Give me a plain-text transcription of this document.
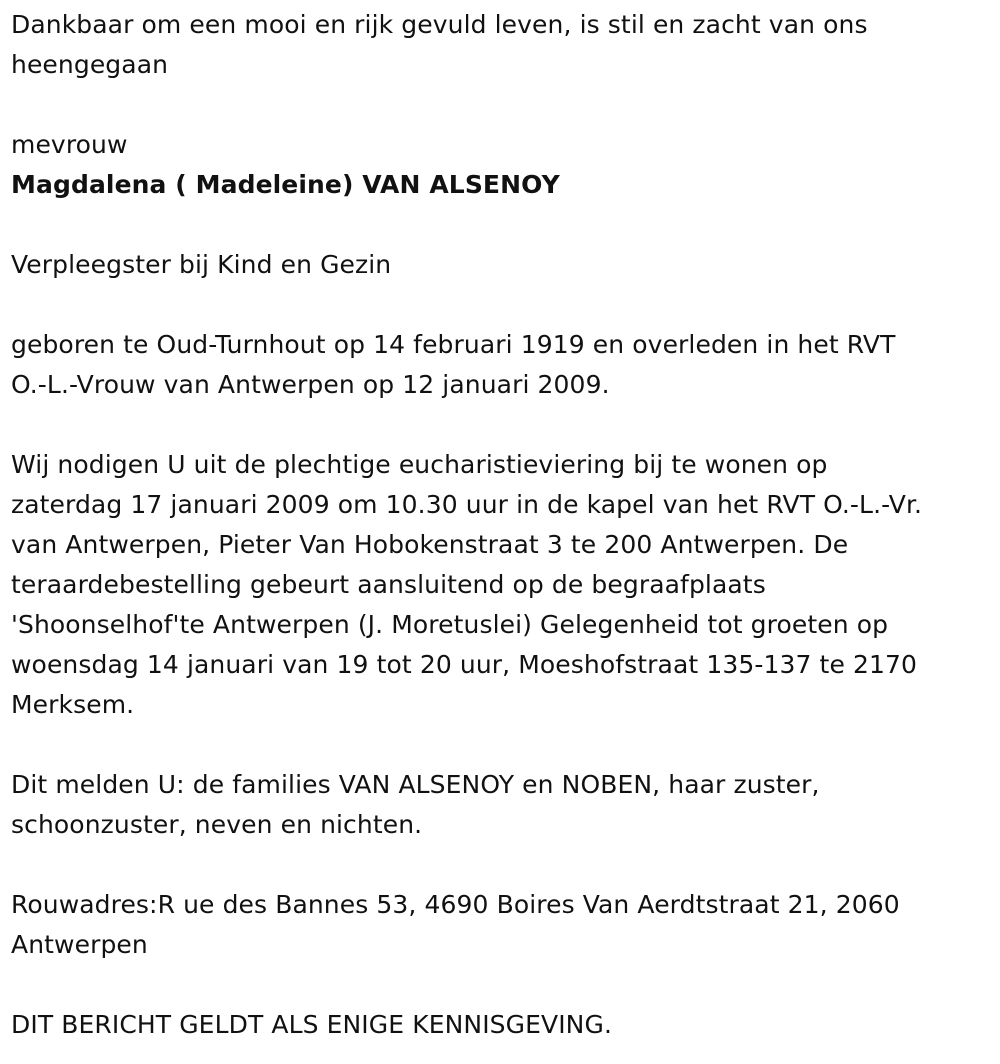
Dankbaar om een mooi en rijk gevuld leven, is stil en zacht van ons
heengegaan

mevrouw

Magdalena ( Madeleine) VAN ALSENOY

Verpleegster bij Kind en Gezin

geboren te Oud-Turnhout op 14 februari 1919 en overleden in het RVT
O.-L.-Vrouw van Antwerpen op 12 januari 2009.

Wij nodigen U uit de plechtige eucharistieviering bij te wonen op
zaterdag 17 januari 2009 om 10.30 uur in de kapel van het RVT O.-L.-Vr.
van Antwerpen, Pieter Van Hobokenstraat 3 te 200 Antwerpen. De
teraardebestelling gebeurt aansluitend op de begraafplaats
'Shoonselhof'te Antwerpen (J. Moretuslei) Gelegenheid tot groeten op
woensdag 14 januari van 19 tot 20 uur, Moeshofstraat 135-137 te 2170
Merksem.

Dit melden U: de families VAN ALSENOY en NOBEN, haar zuster,
schoonzuster, neven en nichten.

Rouwadres:R ue des Bannes 53, 4690 Boires Van Aerdtstraat 21, 2060
Antwerpen

DIT BERICHT GELDT ALS ENIGE KENNISGEVING.
